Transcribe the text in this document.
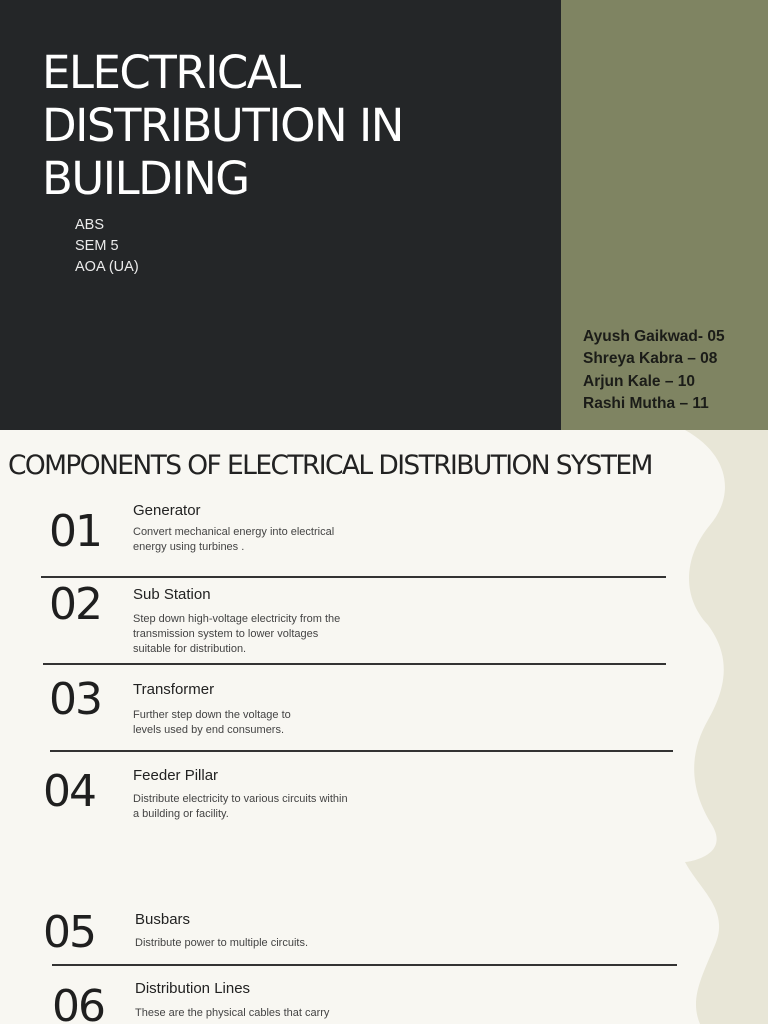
ELECTRICAL
DISTRIBUTION IN
BUILDING
ABS
SEM 5
AOA (UA)
Ayush Gaikwad- 05
Shreya Kabra – 08
Arjun Kale – 10
Rashi Mutha – 11
COMPONENTS OF ELECTRICAL DISTRIBUTION SYSTEM
01 Generator
Convert mechanical energy into electrical
energy using turbines .
02 Sub Station
Step down high-voltage electricity from the
transmission system to lower voltages
suitable for distribution.
03 Transformer
Further step down the voltage to
levels used by end consumers.
04	Feeder Pillar
Distribute electricity to various circuits within
a building or facility.
05	Busbars
Distribute power to multiple circuits.
06 Distribution Lines
These are the physical cables that carry
